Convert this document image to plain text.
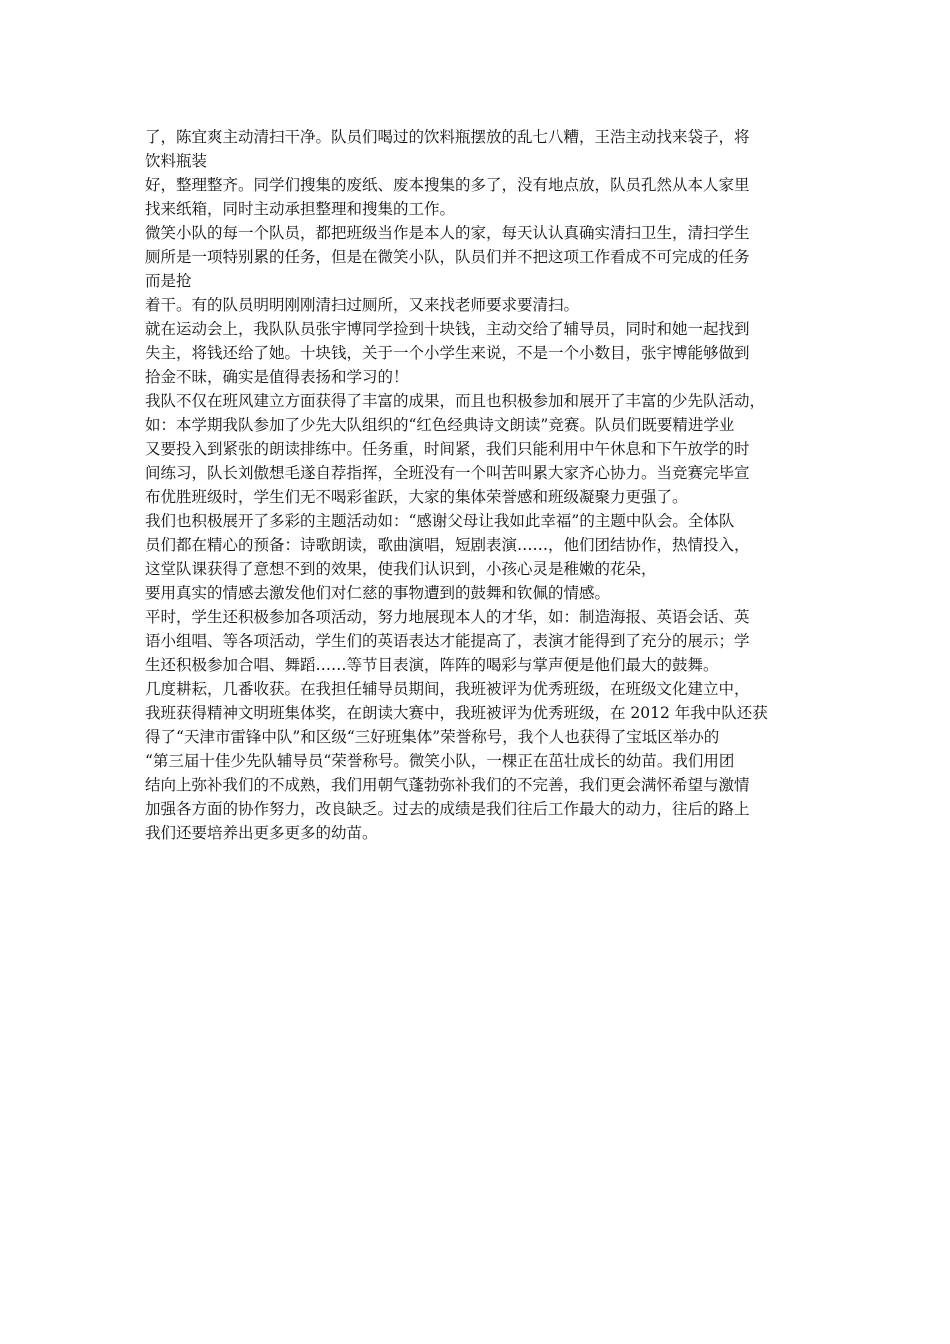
了，陈宜爽主动清扫干净。队员们喝过的饮料瓶摆放的乱七八糟，王浩主动找来袋子，将
饮料瓶装
好，整理整齐。同学们搜集的废纸、废本搜集的多了，没有地点放，队员孔然从本人家里
找来纸箱，同时主动承担整理和搜集的工作。
微笑小队的每一个队员，都把班级当作是本人的家，每天认认真确实清扫卫生，清扫学生
厕所是一项特别累的任务，但是在微笑小队，队员们并不把这项工作看成不可完成的任务
而是抢
着干。有的队员明明刚刚清扫过厕所，又来找老师要求要清扫。
就在运动会上，我队队员张宇博同学捡到十块钱，主动交给了辅导员，同时和她一起找到
失主，将钱还给了她。十块钱，关于一个小学生来说，不是一个小数目，张宇博能够做到
拾金不昧，确实是值得表扬和学习的！
我队不仅在班风建立方面获得了丰富的成果，而且也积极参加和展开了丰富的少先队活动，
如：本学期我队参加了少先大队组织的“红色经典诗文朗读”竞赛。队员们既要精进学业
又要投入到紧张的朗读排练中。任务重，时间紧，我们只能利用中午休息和下午放学的时
间练习，队长刘傲想毛遂自荐指挥，全班没有一个叫苦叫累大家齐心协力。当竞赛完毕宣
布优胜班级时，学生们无不喝彩雀跃，大家的集体荣誉感和班级凝聚力更强了。
我们也积极展开了多彩的主题活动如：“感谢父母让我如此幸福”的主题中队会。全体队
员们都在精心的预备：诗歌朗读，歌曲演唱，短剧表演……，他们团结协作，热情投入，
这堂队课获得了意想不到的效果，使我们认识到，小孩心灵是稚嫩的花朵，
要用真实的情感去激发他们对仁慈的事物遭到的鼓舞和钦佩的情感。
平时，学生还积极参加各项活动，努力地展现本人的才华，如：制造海报、英语会话、英
语小组唱、等各项活动，学生们的英语表达才能提高了，表演才能得到了充分的展示；学
生还积极参加合唱、舞蹈……等节目表演，阵阵的喝彩与掌声便是他们最大的鼓舞。
几度耕耘，几番收获。在我担任辅导员期间，我班被评为优秀班级，在班级文化建立中，
我班获得精神文明班集体奖，在朗读大赛中，我班被评为优秀班级，在 2012 年我中队还获
得了“天津市雷锋中队”和区级“三好班集体”荣誉称号，我个人也获得了宝坻区举办的
“第三届十佳少先队辅导员“荣誉称号。微笑小队，一棵正在茁壮成长的幼苗。我们用团
结向上弥补我们的不成熟，我们用朝气蓬勃弥补我们的不完善，我们更会满怀希望与激情
加强各方面的协作努力，改良缺乏。过去的成绩是我们往后工作最大的动力，往后的路上
我们还要培养出更多更多的幼苗。
